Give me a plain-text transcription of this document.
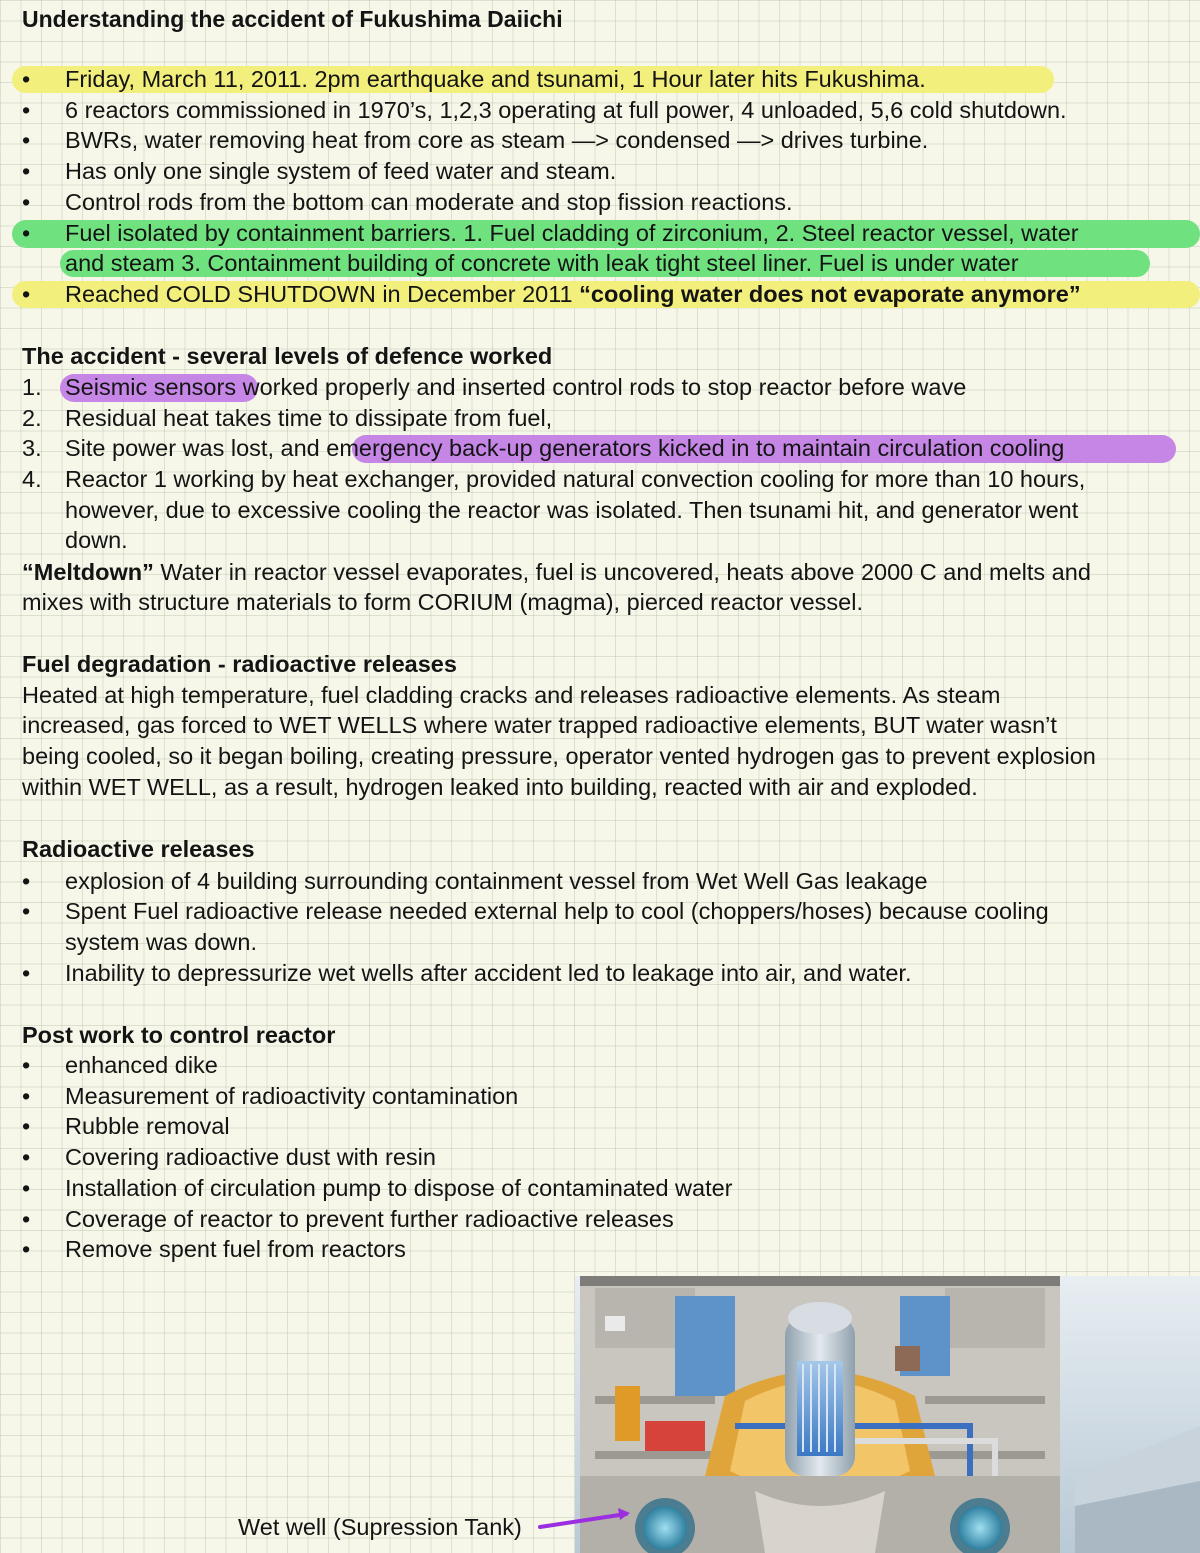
Understanding the accident of Fukushima Daiichi
•	Friday, March 11, 2011. 2pm earthquake and tsunami, 1 Hour later hits Fukushima.
•	6 reactors commissioned in 1970’s, 1,2,3 operating at full power, 4 unloaded, 5,6 cold shutdown.
•	BWRs, water removing heat from core as steam —> condensed —> drives turbine.
•	Has only one single system of feed water and steam.
•	Control rods from the bottom can moderate and stop fission reactions.
•	Fuel isolated by containment barriers. 1. Fuel cladding of zirconium, 2. Steel reactor vessel, water
and steam 3. Containment building of concrete with leak tight steel liner. Fuel is under water
•	Reached COLD SHUTDOWN in December 2011 “cooling water does not evaporate anymore”
The accident - several levels of defence worked
1. Seismic sensors worked properly and inserted control rods to stop reactor before wave
2. Residual heat takes time to dissipate from fuel,
3. Site power was lost, and emergency back-up generators kicked in to maintain circulation cooling
4. Reactor 1 working by heat exchanger, provided natural convection cooling for more than 10 hours,
however, due to excessive cooling the reactor was isolated. Then tsunami hit, and generator went
down.
“Meltdown” Water in reactor vessel evaporates, fuel is uncovered, heats above 2000 C and melts and
mixes with structure materials to form CORIUM (magma), pierced reactor vessel.
Fuel degradation - radioactive releases
Heated at high temperature, fuel cladding cracks and releases radioactive elements. As steam
increased, gas forced to WET WELLS where water trapped radioactive elements, BUT water wasn’t
being cooled, so it began boiling, creating pressure, operator vented hydrogen gas to prevent explosion
within WET WELL, as a result, hydrogen leaked into building, reacted with air and exploded.
Radioactive releases
•	explosion of 4 building surrounding containment vessel from Wet Well Gas leakage
•	Spent Fuel radioactive release needed external help to cool (choppers/hoses) because cooling
system was down.
•	Inability to depressurize wet wells after accident led to leakage into air, and water.
Post work to control reactor
•	enhanced dike
•	Measurement of radioactivity contamination
•	Rubble removal
•	Covering radioactive dust with resin
•	Installation of circulation pump to dispose of contaminated water
•	Coverage of reactor to prevent further radioactive releases
•	Remove spent fuel from reactors
Wet well (Supression Tank)
